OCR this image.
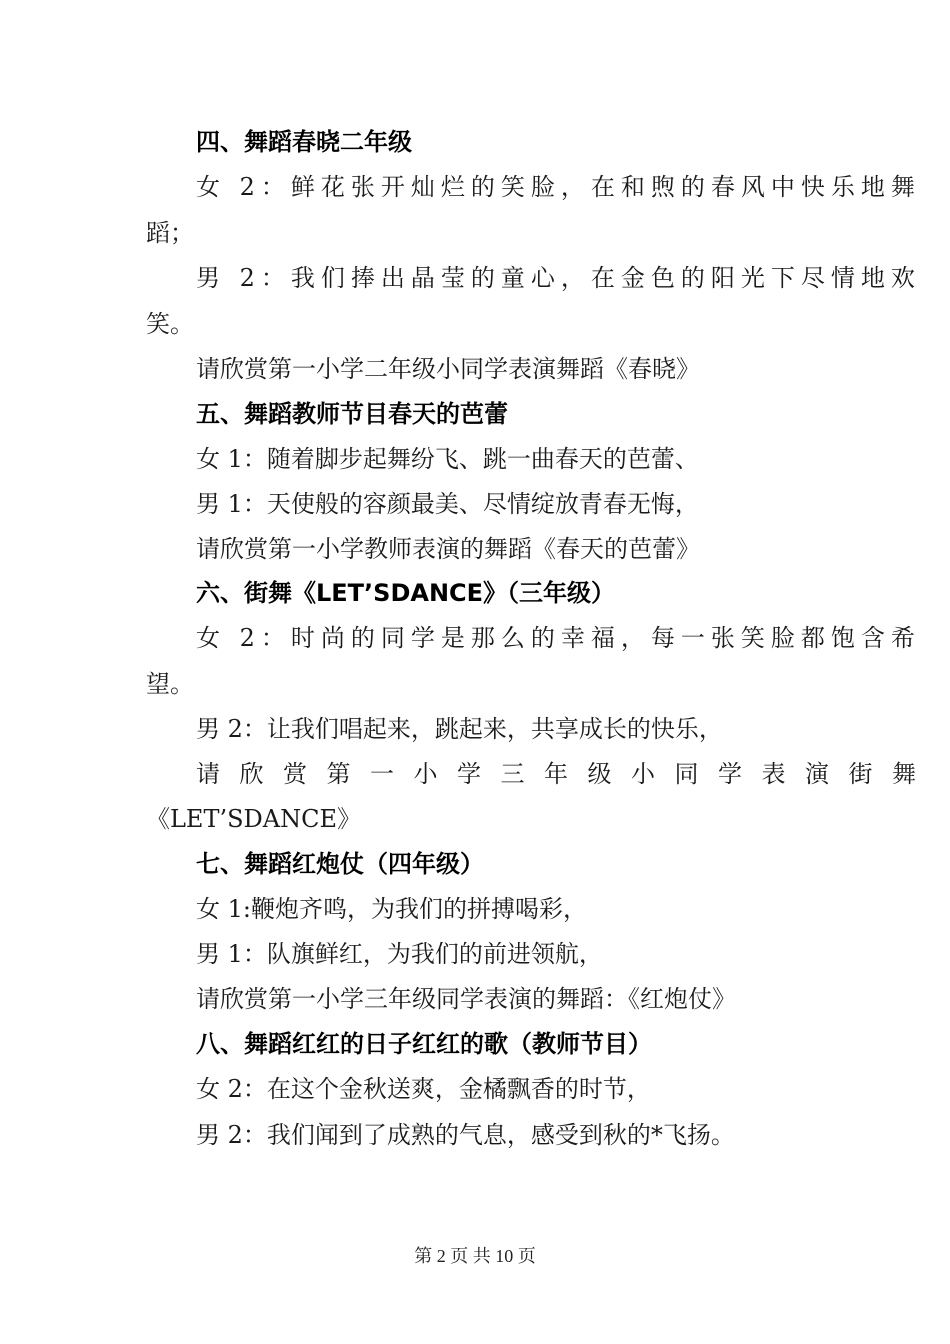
四、舞蹈春晓二年级
女 2：鲜花张开灿烂的笑脸，在和煦的春风中快乐地舞
蹈；
男 2：我们捧出晶莹的童心，在金色的阳光下尽情地欢
笑。
请欣赏第一小学二年级小同学表演舞蹈《春晓》
五、舞蹈教师节目春天的芭蕾
女 1：随着脚步起舞纷飞、跳一曲春天的芭蕾、
男 1：天使般的容颜最美、尽情绽放青春无悔，
请欣赏第一小学教师表演的舞蹈《春天的芭蕾》
六、街舞《LET’SDANCE》（三年级）
女 2：时尚的同学是那么的幸福，每一张笑脸都饱含希
望。
男 2：让我们唱起来，跳起来，共享成长的快乐，
请欣赏第一小学三年级小同学表演街舞
《LET’SDANCE》
七、舞蹈红炮仗（四年级）
女 1:鞭炮齐鸣，为我们的拼搏喝彩，
男 1：队旗鲜红，为我们的前进领航，
请欣赏第一小学三年级同学表演的舞蹈：《红炮仗》
八、舞蹈红红的日子红红的歌（教师节目）
女 2：在这个金秋送爽，金橘飘香的时节，
男 2：我们闻到了成熟的气息，感受到秋的*飞扬。
第 2 页 共 10 页
